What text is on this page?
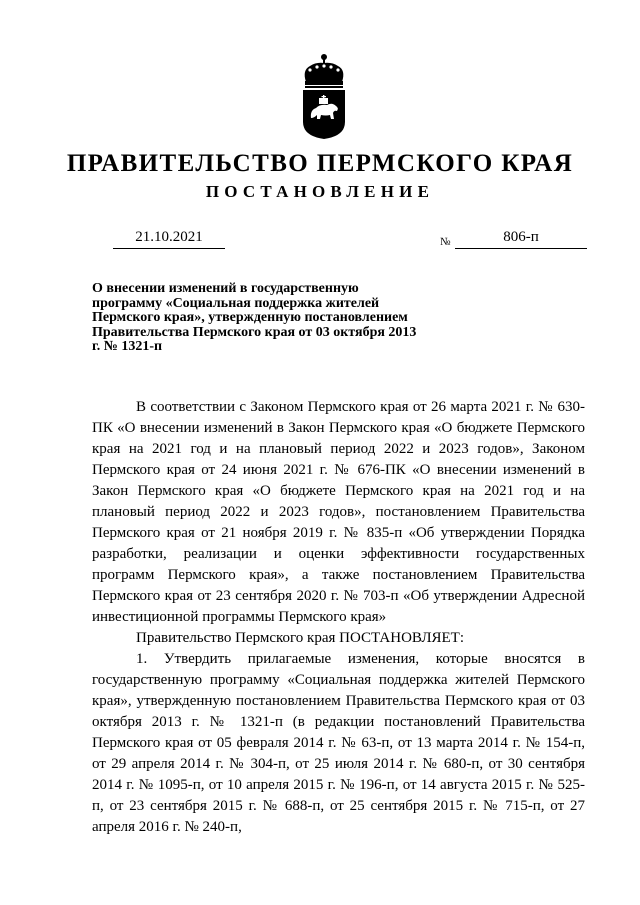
ПРАВИТЕЛЬСТВО ПЕРМСКОГО КРАЯ
ПОСТАНОВЛЕНИЕ
21.10.2021	№	806-п

О внесении изменений в государственную программу «Социальная поддержка жителей Пермского края», утвержденную постановлением Правительства Пермского края от 03 октября 2013 г. № 1321-п

В соответствии с Законом Пермского края от 26 марта 2021 г. № 630-ПК «О внесении изменений в Закон Пермского края «О бюджете Пермского края на 2021 год и на плановый период 2022 и 2023 годов», Законом Пермского края от 24 июня 2021 г. № 676-ПК «О внесении изменений в Закон Пермского края «О бюджете Пермского края на 2021 год и на плановый период 2022 и 2023 годов», постановлением Правительства Пермского края от 21 ноября 2019 г. № 835-п «Об утверждении Порядка разработки, реализации и оценки эффективности государственных программ Пермского края», а также постановлением Правительства Пермского края от 23 сентября 2020 г. № 703-п «Об утверждении Адресной инвестиционной программы Пермского края»

Правительство Пермского края ПОСТАНОВЛЯЕТ:

1. Утвердить прилагаемые изменения, которые вносятся в государственную программу «Социальная поддержка жителей Пермского края», утвержденную постановлением Правительства Пермского края от 03 октября 2013 г. № 1321-п (в редакции постановлений Правительства Пермского края от 05 февраля 2014 г. № 63-п, от 13 марта 2014 г. № 154-п, от 29 апреля 2014 г. № 304-п, от 25 июля 2014 г. № 680-п, от 30 сентября 2014 г. № 1095-п, от 10 апреля 2015 г. № 196-п, от 14 августа 2015 г. № 525-п, от 23 сентября 2015 г. № 688-п, от 25 сентября 2015 г. № 715-п, от 27 апреля 2016 г. № 240-п,
